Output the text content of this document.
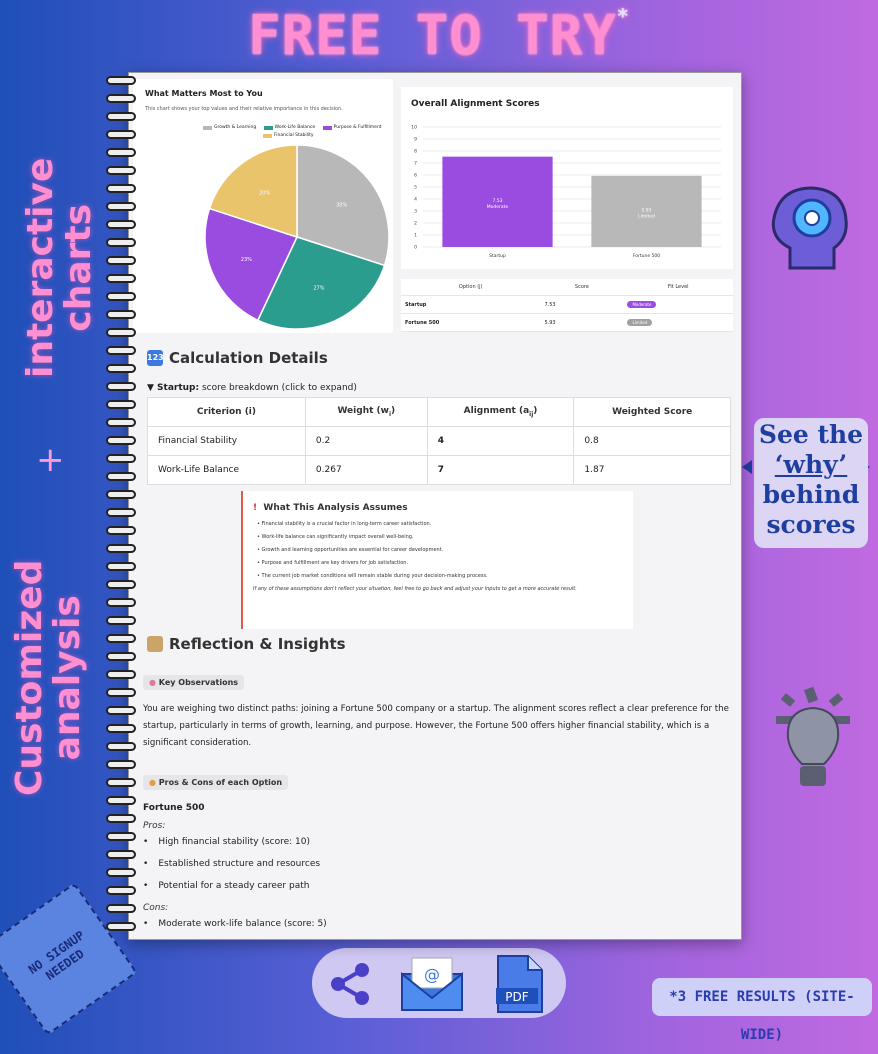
FREE TO TRY*
interactive charts
+
Customized analysis
See the
‘why’
behind
scores
NO SIGNUP NEEDED	@
PDF	*3 FREE RESULTS (SITE-WIDE)
What Matters Most to You
This chart shows your top values and their relative importance in this decision.
Growth & Learning
	Work-Life Balance
	Purpose & Fulfillment

Financial Stability
30%
27%
23%
20%
Overall Alignment Scores
0
1
2
3
4
5
6
7
8
9
10
7.53
Moderate
Startup
5.93
Limited
Fortune 500
Option (j)	Score	Fit Level
Startup	7.53	Moderate
Fortune 500	5.93	Limited
1234 Calculation Details
▼ Startup: score breakdown (click to expand)
Criterion (i)	Weight $(w_i)$	Alignment $(a_{ij})$	Weighted Score
Financial Stability	0.2	4	0.8
Work-Life Balance	0.267	7	1.87
! What This Analysis Assumes
• Financial stability is a crucial factor in long-term career satisfaction.
• Work-life balance can significantly impact overall well-being.
• Growth and learning opportunities are essential for career development.
• Purpose and fulfillment are key drivers for job satisfaction.
• The current job market conditions will remain stable during your decision-making process.
If any of these assumptions don't reflect your situation, feel free to go back and adjust your inputs to get a more accurate result.
Reflection & Insights
● Key Observations
You are weighing two distinct paths: joining a Fortune 500 company or a startup. The alignment scores reflect a clear preference for the startup, particularly in terms of growth, learning, and purpose. However, the Fortune 500 offers higher financial stability, which is a significant consideration.
● Pros & Cons of each Option
Fortune 500
Pros:
• High financial stability (score: 10)
• Established structure and resources
• Potential for a steady career path
Cons:
• Moderate work-life balance (score: 5)
